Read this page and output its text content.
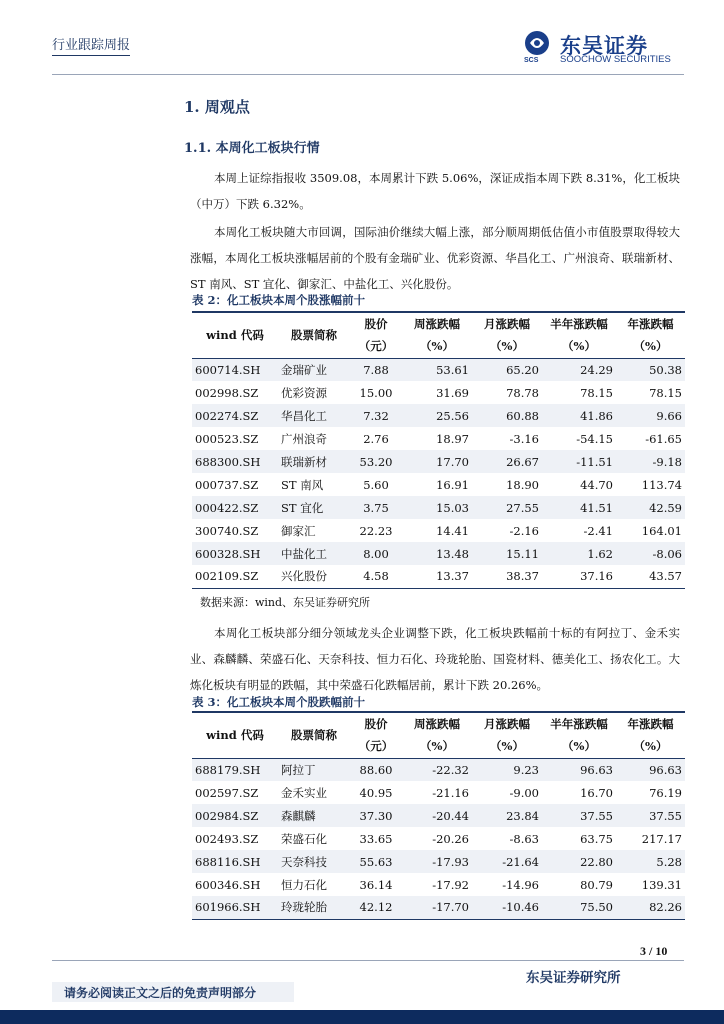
行业跟踪周报
SCS
东吴证券
SOOCHOW SECURITIES
1. 周观点
1.1. 本周化工板块行情

本周上证综指报收 3509.08，本周累计下跌 5.06%，深证成指本周下跌 8.31%，化工板块（中万）下跌 6.32%。

本周化工板块随大市回调，国际油价继续大幅上涨，部分顺周期低估值小市值股票取得较大涨幅，本周化工板块涨幅居前的个股有金瑞矿业、优彩资源、华昌化工、广州浪奇、联瑞新材、ST 南风、ST 宜化、御家汇、中盐化工、兴化股份。

表 2：化工板块本周个股涨幅前十
wind 代码	股票简称	股价（元）	周涨跌幅（%）	月涨跌幅（%）	半年涨跌幅（%）	年涨跌幅（%）
600714.SH	金瑞矿业	7.88	53.61	65.20	24.29	50.38
002998.SZ	优彩资源	15.00	31.69	78.78	78.15	78.15
002274.SZ	华昌化工	7.32	25.56	60.88	41.86	9.66
000523.SZ	广州浪奇	2.76	18.97	-3.16	-54.15	-61.65
688300.SH	联瑞新材	53.20	17.70	26.67	-11.51	-9.18
000737.SZ	ST 南风	5.60	16.91	18.90	44.70	113.74
000422.SZ	ST 宜化	3.75	15.03	27.55	41.51	42.59
300740.SZ	御家汇	22.23	14.41	-2.16	-2.41	164.01
600328.SH	中盐化工	8.00	13.48	15.11	1.62	-8.06
002109.SZ	兴化股份	4.58	13.37	38.37	37.16	43.57
数据来源：wind、东吴证券研究所

本周化工板块部分细分领域龙头企业调整下跌，化工板块跌幅前十标的有阿拉丁、金禾实业、森麟麟、荣盛石化、天奈科技、恒力石化、玲珑轮胎、国瓷材料、德美化工、扬农化工。大炼化板块有明显的跌幅，其中荣盛石化跌幅居前，累计下跌 20.26%。

表 3：化工板块本周个股跌幅前十
wind 代码	股票简称	股价（元）	周涨跌幅（%）	月涨跌幅（%）	半年涨跌幅（%）	年涨跌幅（%）
688179.SH	阿拉丁	88.60	-22.32	9.23	96.63	96.63
002597.SZ	金禾实业	40.95	-21.16	-9.00	16.70	76.19
002984.SZ	森麒麟	37.30	-20.44	23.84	37.55	37.55
002493.SZ	荣盛石化	33.65	-20.26	-8.63	63.75	217.17
688116.SH	天奈科技	55.63	-17.93	-21.64	22.80	5.28
600346.SH	恒力石化	36.14	-17.92	-14.96	80.79	139.31
601966.SH	玲珑轮胎	42.12	-17.70	-10.46	75.50	82.26
3 / 10
东吴证券研究所
请务必阅读正文之后的免责声明部分
